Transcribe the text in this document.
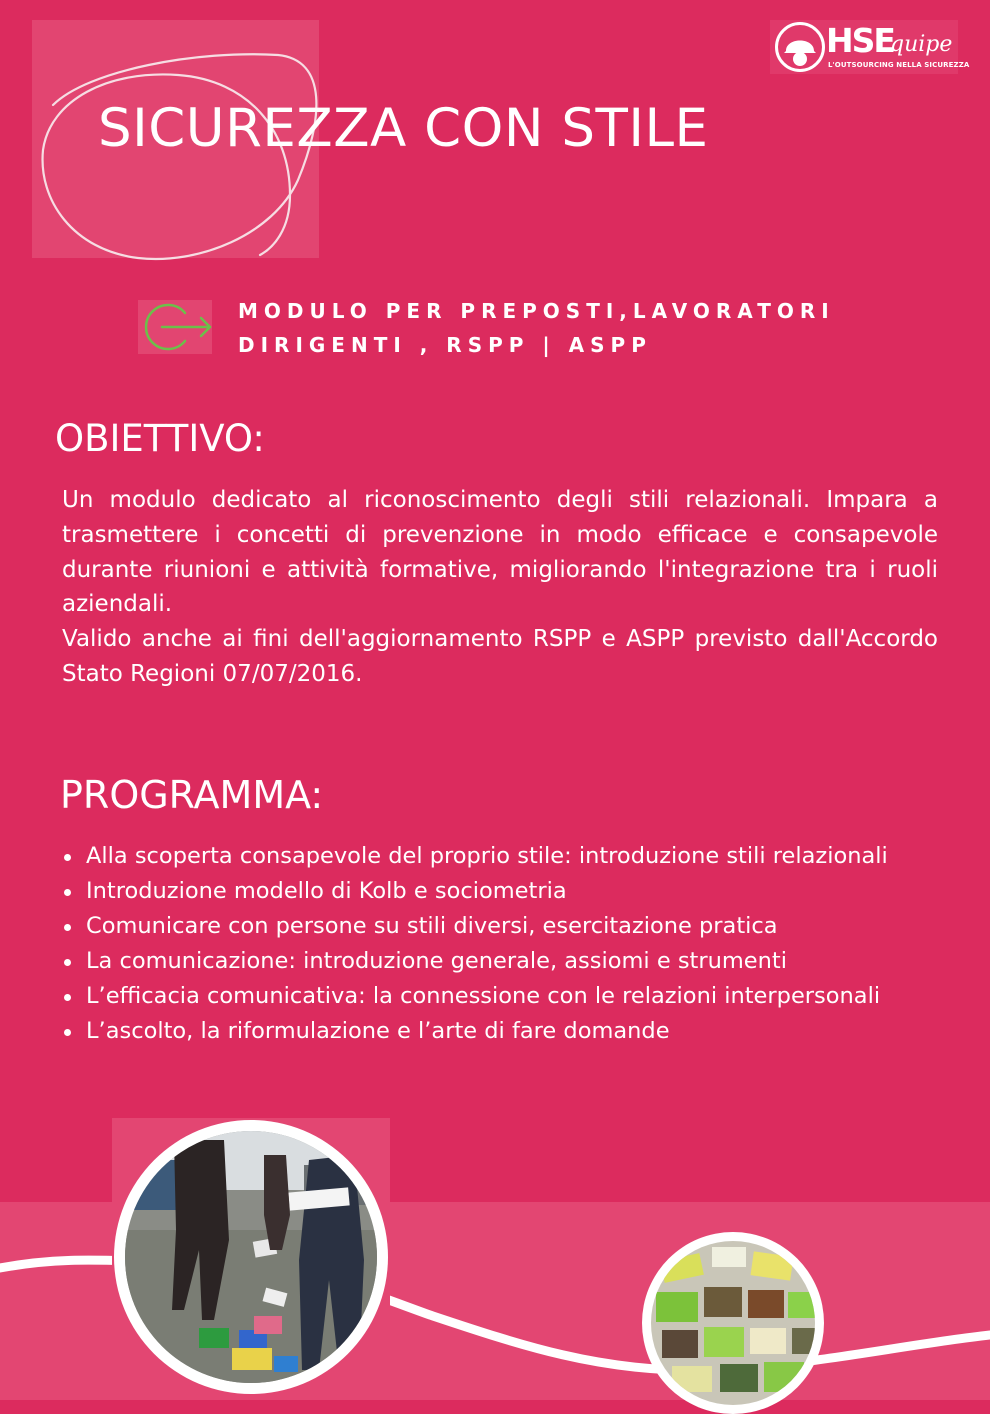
SICUREZZA CON STILE
HSE
quipe
L'OUTSOURCING NELLA SICUREZZA
MODULO PER PREPOSTI,LAVORATORI
DIRIGENTI , RSPP | ASPP
OBIETTIVO:

Un modulo dedicato al riconoscimento degli stili relazionali. Impara a trasmettere i concetti di prevenzione in modo efficace e consapevole durante riunioni e attività formative, migliorando l'integrazione tra i ruoli aziendali.

Valido anche ai fini dell'aggiornamento RSPP e ASPP previsto dall'Accordo Stato Regioni 07/07/2016.

PROGRAMMA:
Alla scoperta consapevole del proprio stile: introduzione stili relazionali
Introduzione modello di Kolb e sociometria
Comunicare con persone su stili diversi, esercitazione pratica
La comunicazione: introduzione generale, assiomi e strumenti
L’efficacia comunicativa: la connessione con le relazioni interpersonali
L’ascolto, la riformulazione e l’arte di fare domande
